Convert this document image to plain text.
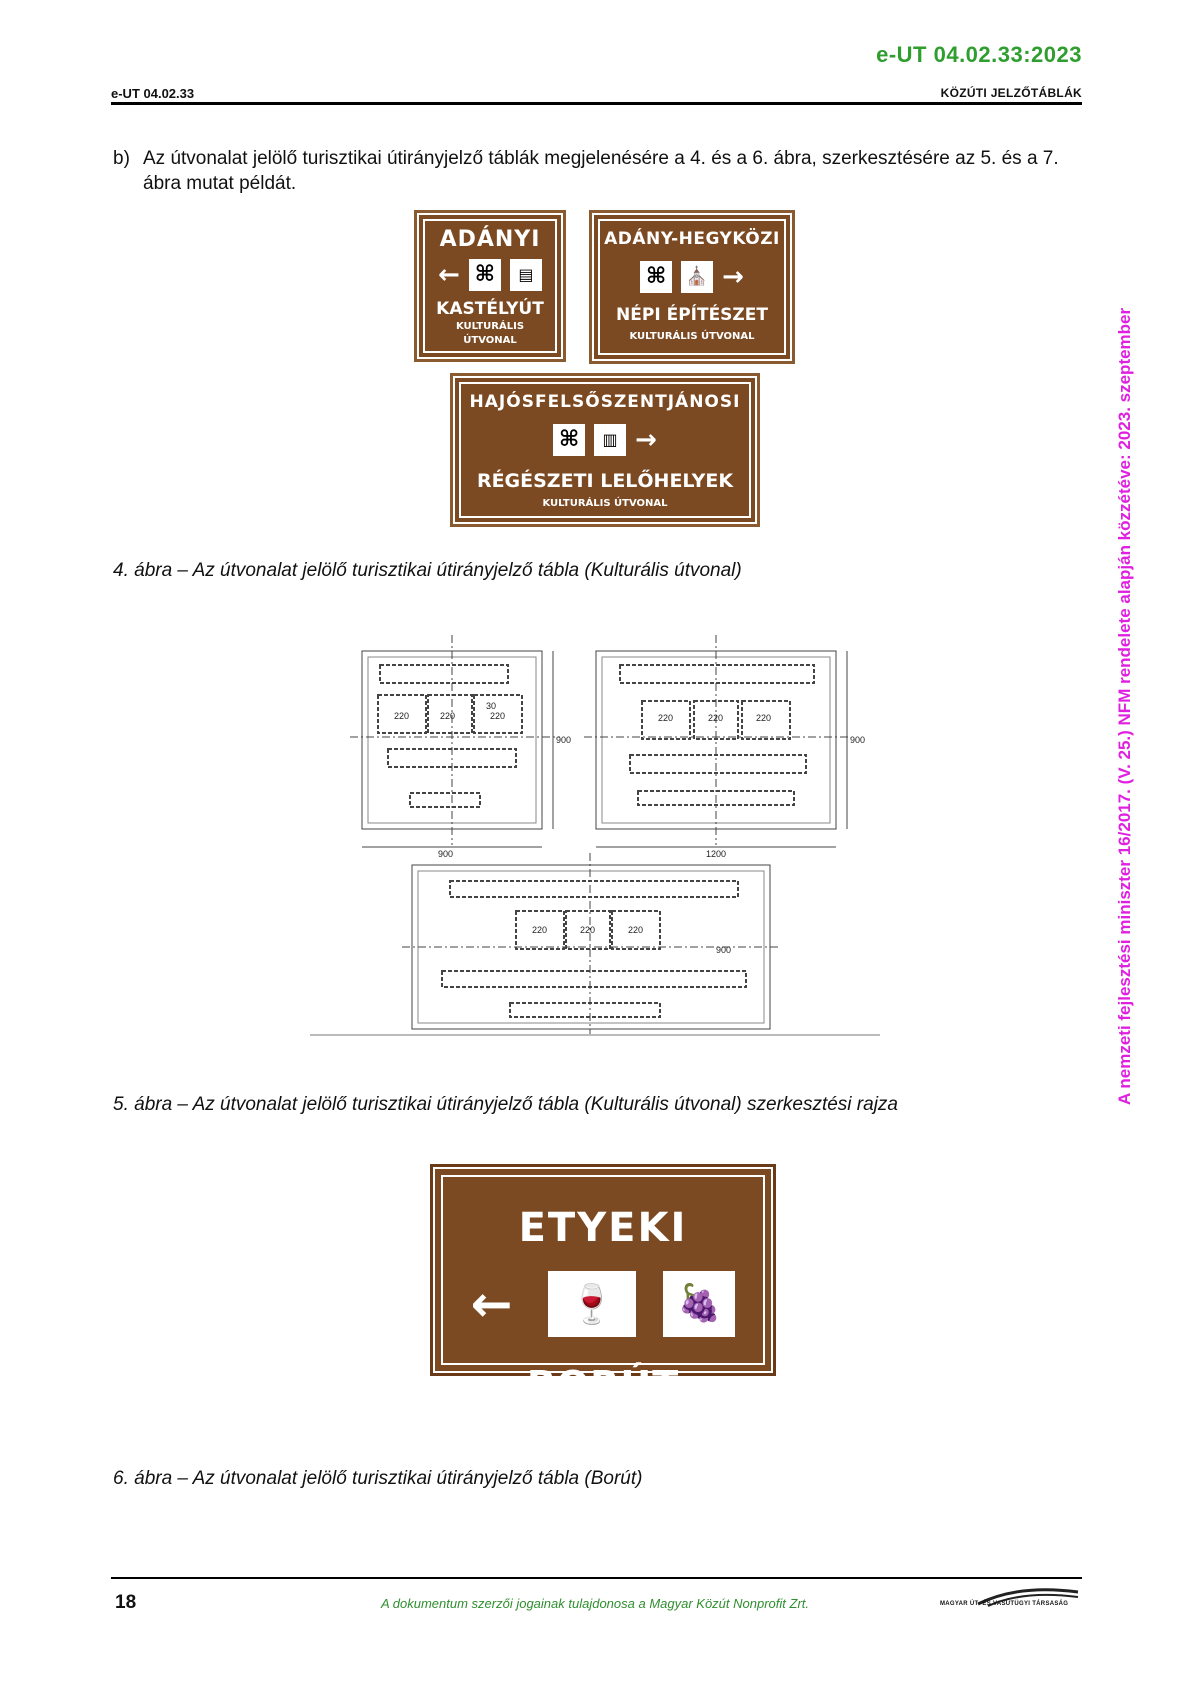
e-UT 04.02.33:2023
e-UT 04.02.33	KÖZÚTI JELZŐTÁBLÁK
b) Az útvonalat jelölő turisztikai útirányjelző táblák megjelenésére a 4. és a 6. ábra, szerkesztésére az 5. és a 7. ábra mutat példát.
ADÁNYI
← ⌘ ▤
KASTÉLYÚT
KULTURÁLIS
ÚTVONAL
ADÁNY-HEGYKÖZI
⌘ ⛪ →
NÉPI ÉPÍTÉSZET
KULTURÁLIS ÚTVONAL
HAJÓSFELSŐSZENTJÁNOSI
⌘ ▥ →
RÉGÉSZETI LELŐHELYEK
KULTURÁLIS ÚTVONAL
4. ábra – Az útvonalat jelölő turisztikai útirányjelző tábla (Kulturális útvonal)
220	220	220
30
900
900
220	220	220
1200
900
220	220	220
900
5. ábra – Az útvonalat jelölő turisztikai útirányjelző tábla (Kulturális útvonal) szerkesztési rajza
ETYEKI
← 🍷 🍇
BORÚT
6. ábra – Az útvonalat jelölő turisztikai útirányjelző tábla (Borút)
A nemzeti fejlesztési miniszter 16/2017. (V. 25.) NFM rendelete alapján közzétéve: 2023. szeptember
18	A dokumentum szerzői jogainak tulajdonosa a Magyar Közút Nonprofit Zrt.	MAGYAR ÚT- ÉS VASÚTÜGYI TÁRSASÁG
